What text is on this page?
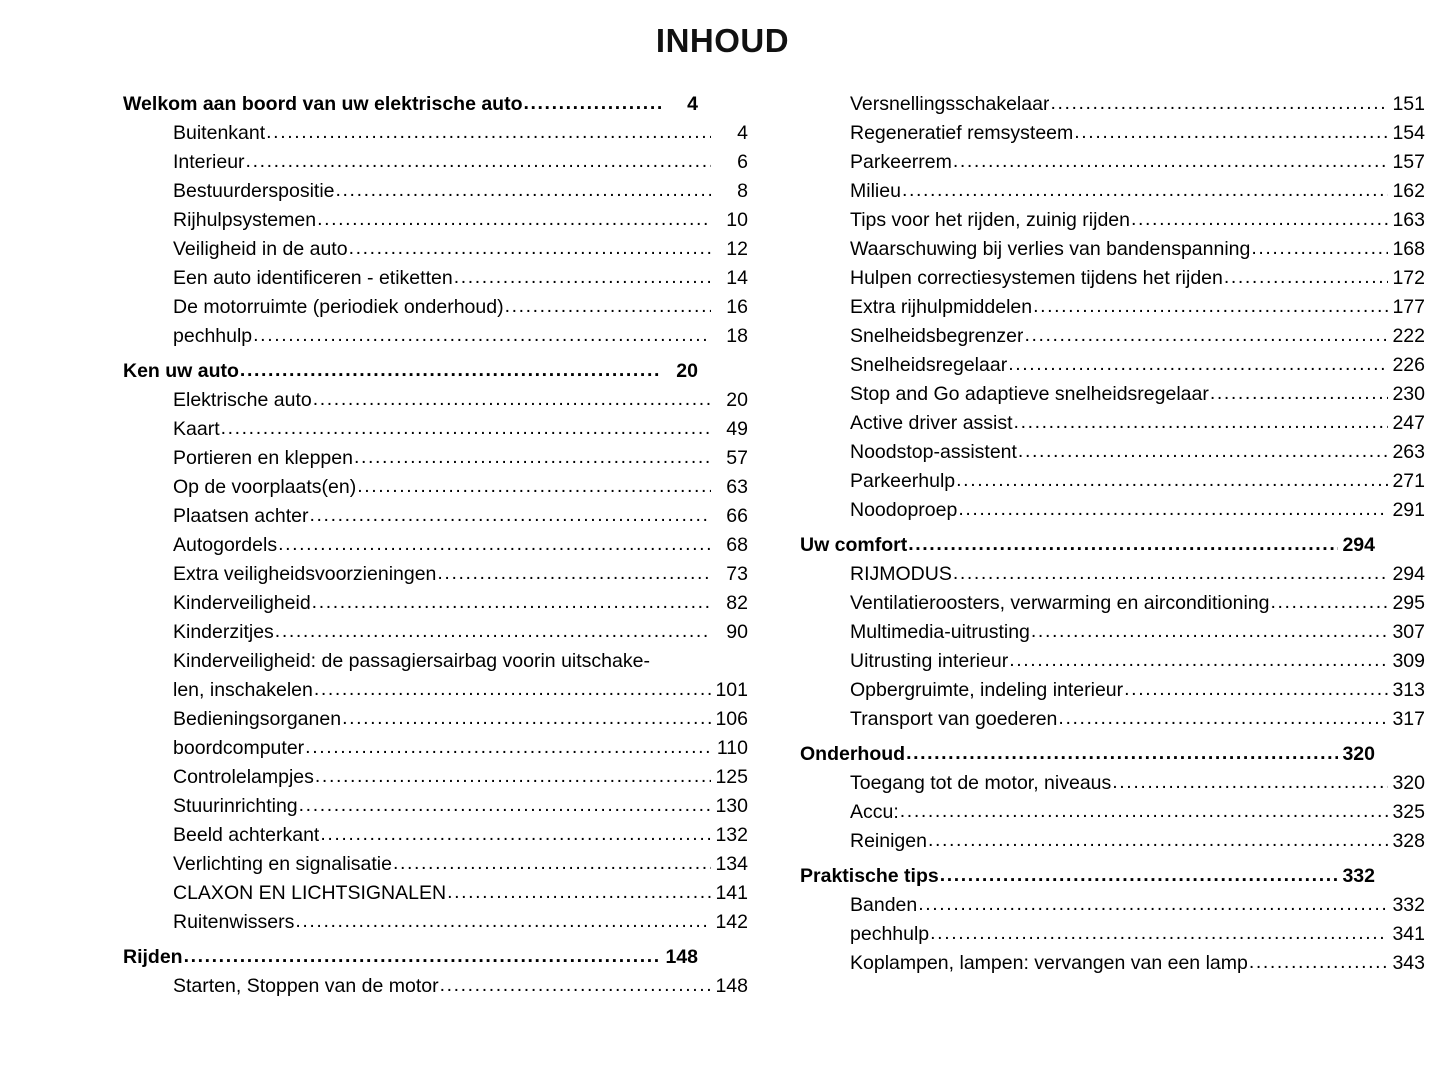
INHOUD
Welkom aan boord van uw elektrische auto .....	4
Buitenkant .....	4
Interieur .....	6
Bestuurderspositie .....	8
Rijhulpsystemen .....	10
Veiligheid in de auto .....	12
Een auto identificeren - etiketten .....	14
De motorruimte (periodiek onderhoud) .....	16
pechhulp .....	18
Ken uw auto .....	20
Elektrische auto .....	20
Kaart .....	49
Portieren en kleppen .....	57
Op de voorplaats(en) .....	63
Plaatsen achter .....	66
Autogordels .....	68
Extra veiligheidsvoorzieningen .....	73
Kinderveiligheid .....	82
Kinderzitjes .....	90
Kinderveiligheid: de passagiersairbag voorin uitschake-
len, inschakelen .....	101
Bedieningsorganen .....	106
boordcomputer .....	110
Controlelampjes .....	125
Stuurinrichting .....	130
Beeld achterkant .....	132
Verlichting en signalisatie .....	134
CLAXON EN LICHTSIGNALEN .....	141
Ruitenwissers .....	142
Rijden .....	148
Starten, Stoppen van de motor .....	148
Versnellingsschakelaar .....	151
Regeneratief remsysteem .....	154
Parkeerrem .....	157
Milieu .....	162
Tips voor het rijden, zuinig rijden .....	163
Waarschuwing bij verlies van bandenspanning .....	168
Hulpen correctiesystemen tijdens het rijden .....	172
Extra rijhulpmiddelen .....	177
Snelheidsbegrenzer .....	222
Snelheidsregelaar .....	226
Stop and Go adaptieve snelheidsregelaar .....	230
Active driver assist .....	247
Noodstop-assistent .....	263
Parkeerhulp .....	271
Noodoproep .....	291
Uw comfort .....	294
RIJMODUS .....	294
Ventilatieroosters, verwarming en airconditioning .....	295
Multimedia-uitrusting .....	307
Uitrusting interieur .....	309
Opbergruimte, indeling interieur .....	313
Transport van goederen .....	317
Onderhoud .....	320
Toegang tot de motor, niveaus .....	320
Accu: .....	325
Reinigen .....	328
Praktische tips .....	332
Banden .....	332
pechhulp .....	341
Koplampen, lampen: vervangen van een lamp .....	343
